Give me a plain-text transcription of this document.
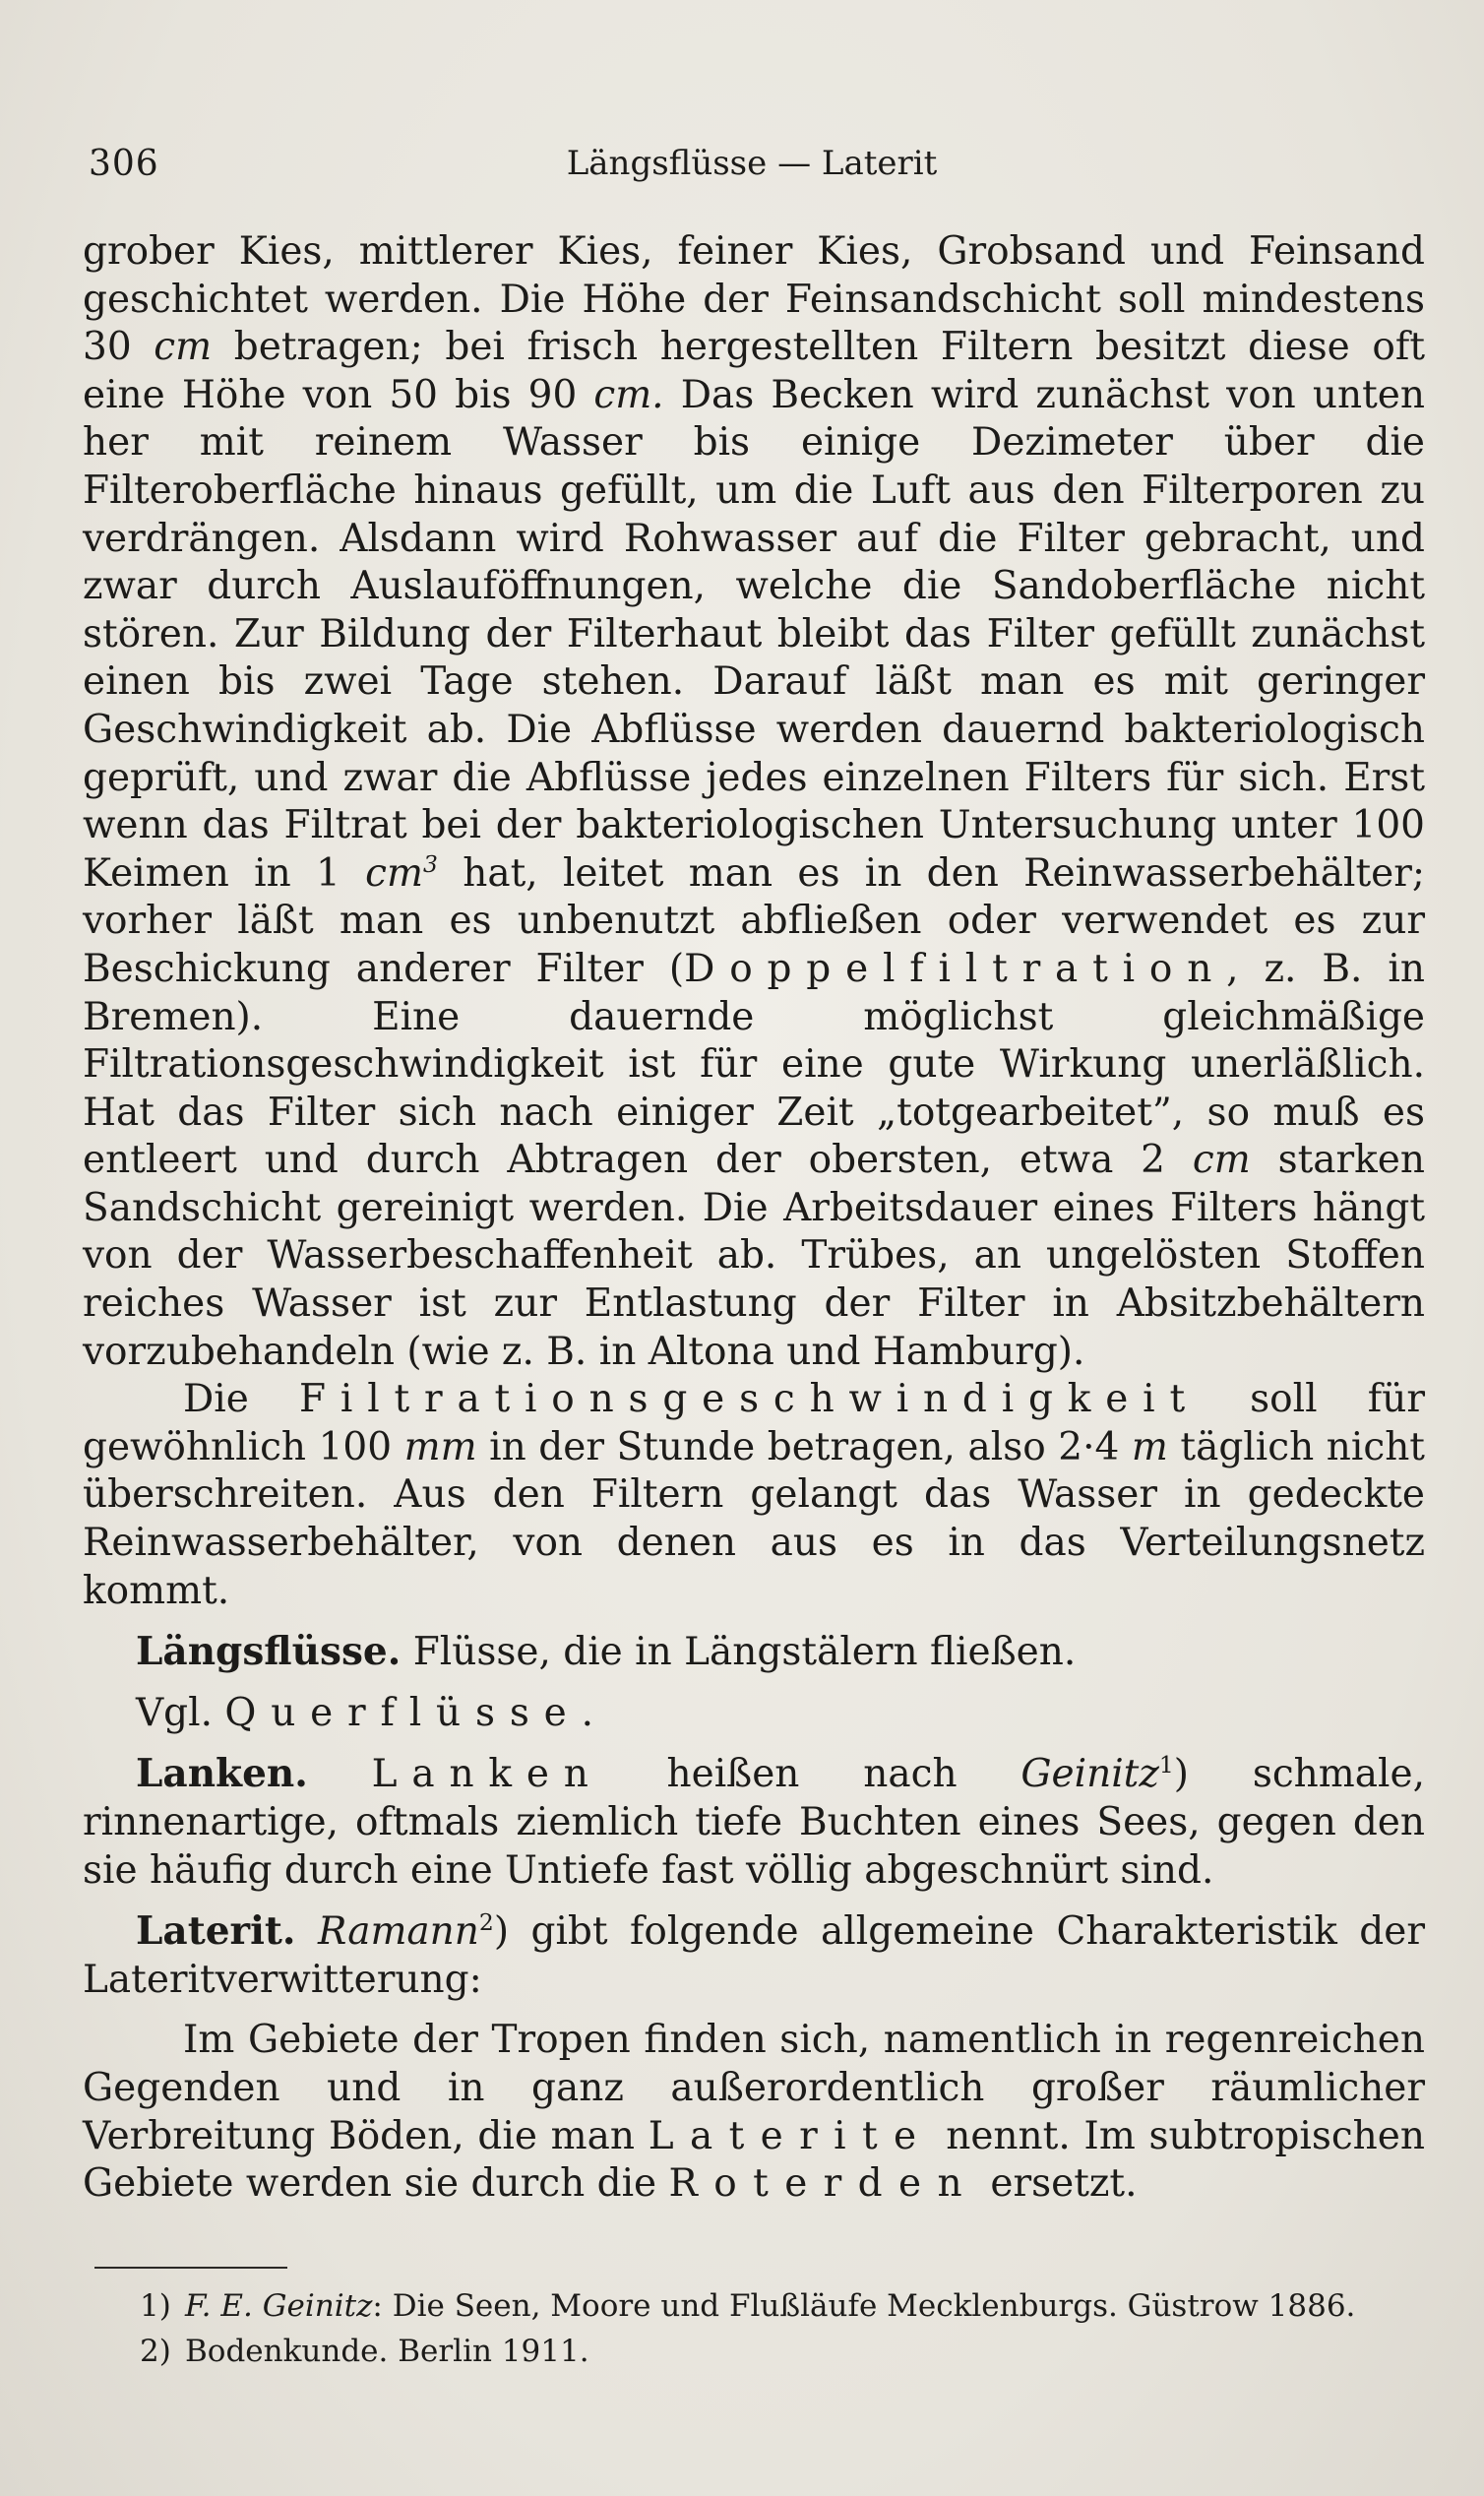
306	Längsflüsse — Laterit

grober Kies, mittlerer Kies, feiner Kies, Grobsand und Feinsand geschichtet werden. Die Höhe der Feinsandschicht soll mindestens 30 cm betragen; bei frisch hergestellten Filtern besitzt diese oft eine Höhe von 50 bis 90 cm. Das Becken wird zunächst von unten her mit reinem Wasser bis einige Dezimeter über die Filteroberfläche hinaus gefüllt, um die Luft aus den Filterporen zu verdrängen. Alsdann wird Rohwasser auf die Filter gebracht, und zwar durch Auslauföffnungen, welche die Sandoberfläche nicht stören. Zur Bildung der Filterhaut bleibt das Filter gefüllt zunächst einen bis zwei Tage stehen. Darauf läßt man es mit geringer Geschwindigkeit ab. Die Abflüsse werden dauernd bakteriologisch geprüft, und zwar die Abflüsse jedes einzelnen Filters für sich. Erst wenn das Filtrat bei der bakteriologischen Untersuchung unter 100 Keimen in 1 $cm^3$ hat, leitet man es in den Reinwasserbehälter; vorher läßt man es unbenutzt abfließen oder verwendet es zur Beschickung anderer Filter (Doppelfiltration, z. B. in Bremen). Eine dauernde möglichst gleichmäßige Filtrationsgeschwindigkeit ist für eine gute Wirkung unerläßlich. Hat das Filter sich nach einiger Zeit „totgearbeitet”, so muß es entleert und durch Abtragen der obersten, etwa 2 cm starken Sandschicht gereinigt werden. Die Arbeitsdauer eines Filters hängt von der Wasserbeschaffenheit ab. Trübes, an ungelösten Stoffen reiches Wasser ist zur Entlastung der Filter in Absitzbehältern vorzubehandeln (wie z. B. in Altona und Hamburg).

Die Filtrationsgeschwindigkeit soll für gewöhnlich 100 mm in der Stunde betragen, also 2·4 m täglich nicht überschreiten. Aus den Filtern gelangt das Wasser in gedeckte Reinwasserbehälter, von denen aus es in das Verteilungsnetz kommt.

Längsflüsse. Flüsse, die in Längstälern fließen.

Vgl. Querflüsse.

Lanken. Lanken heißen nach Geinitz$^1$) schmale, rinnenartige, oftmals ziemlich tiefe Buchten eines Sees, gegen den sie häufig durch eine Untiefe fast völlig abgeschnürt sind.

Laterit. Ramann$^2$) gibt folgende allgemeine Charakteristik der Lateritverwitterung:

Im Gebiete der Tropen finden sich, namentlich in regenreichen Gegenden und in ganz außerordentlich großer räumlicher Verbreitung Böden, die man Laterite nennt. Im subtropischen Gebiete werden sie durch die Roterden ersetzt.

1) F. E. Geinitz: Die Seen, Moore und Flußläufe Mecklenburgs. Güstrow 1886.

2) Bodenkunde. Berlin 1911.
